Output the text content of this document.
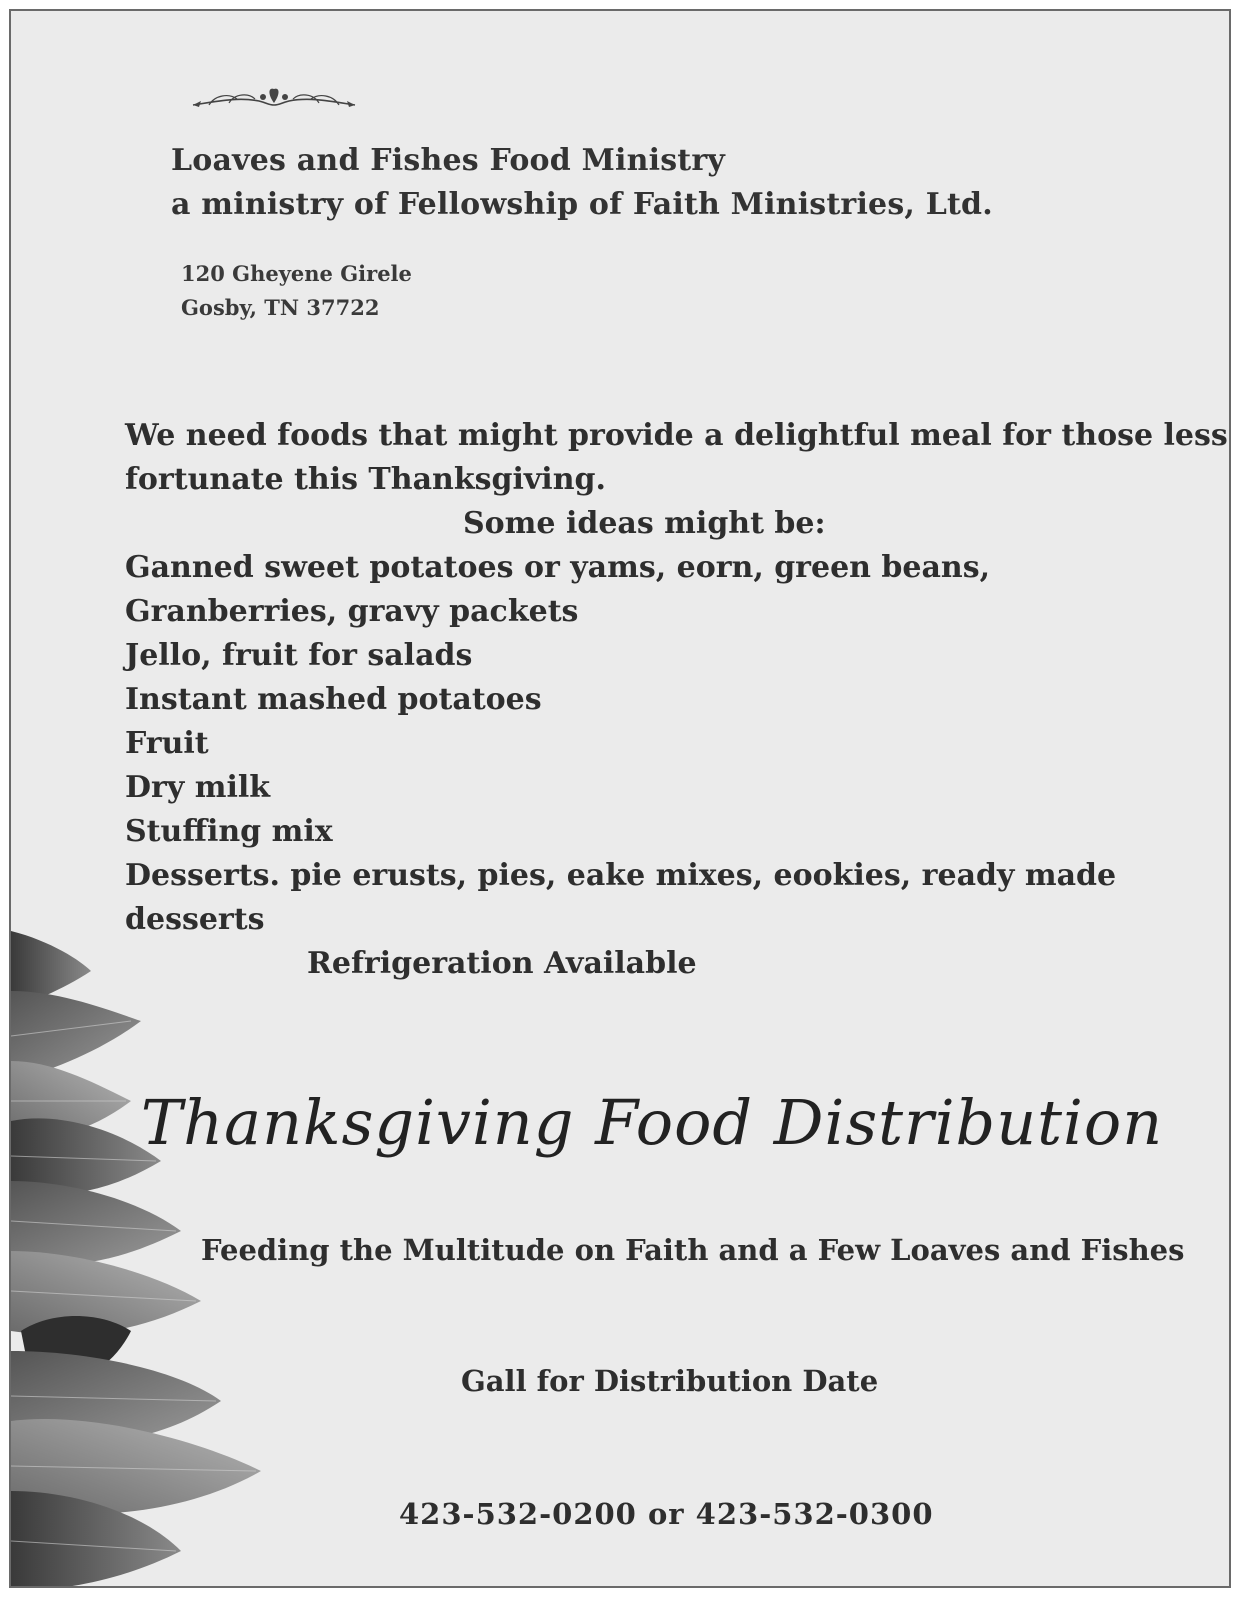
Loaves and Fishes Food Ministry
a ministry of Fellowship of Faith Ministries, Ltd.
120 Gheyene Girele
Gosby, TN 37722
We need foods that might provide a delightful meal for those less
fortunate this Thanksgiving.
Some ideas might be:
Ganned sweet potatoes or yams, eorn, green beans,
Granberries, gravy packets
Jello, fruit for salads
Instant mashed potatoes
Fruit
Dry milk
Stuffing mix
Desserts. pie erusts, pies, eake mixes, eookies, ready made
desserts
Refrigeration Available
Thanksgiving Food Distribution
Feeding the Multitude on Faith and a Few Loaves and Fishes
Gall for Distribution Date
423-532-0200 or 423-532-0300
